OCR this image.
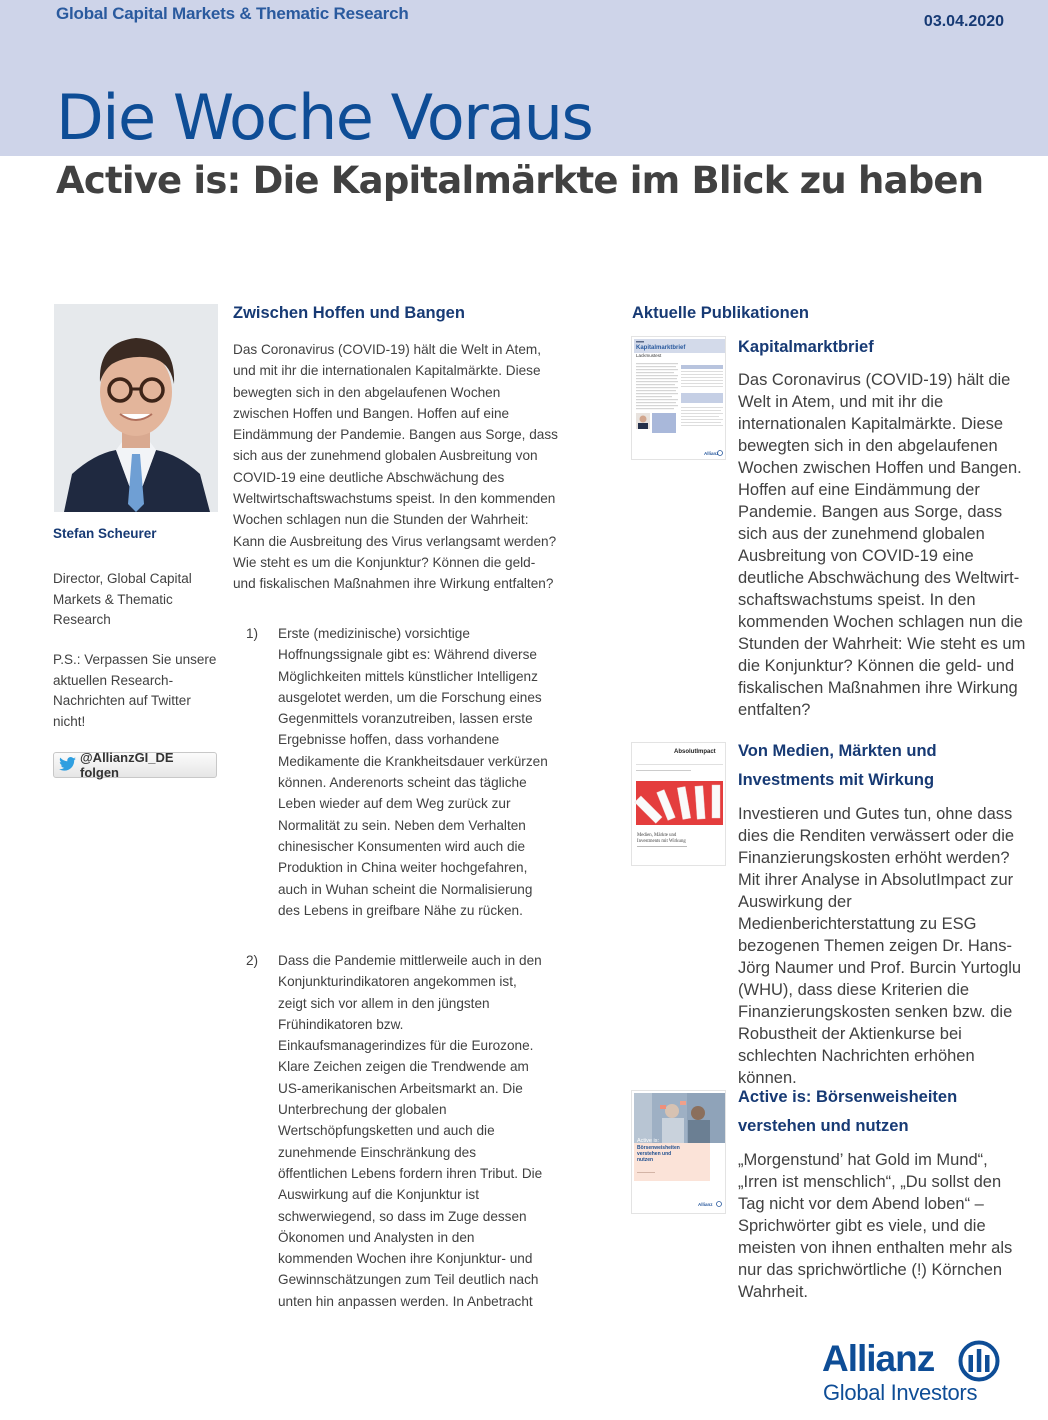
Global Capital Markets & Thematic Research	03.04.2020
Die Woche Voraus
Active is: Die Kapitalmärkte im Blick zu haben
Stefan Scheurer
Director, Global Capital Markets & Thematic Research
P.S.: Verpassen Sie unsere aktuellen Research-Nachrichten auf Twitter nicht!
@AllianzGI_DE folgen
Zwischen Hoffen und Bangen

Das Coronavirus (COVID-19) hält die Welt in Atem, und mit ihr die internationalen Kapitalmärkte. Diese bewegten sich in den abgelaufenen Wochen zwischen Hoffen und Bangen. Hoffen auf eine Eindämmung der Pandemie. Bangen aus Sorge, dass sich aus der zunehmend globalen Ausbreitung von COVID-19 eine deutliche Abschwächung des Weltwirtschaftswachstums speist. In den kommenden Wochen schlagen nun die Stunden der Wahrheit: Kann die Ausbreitung des Virus verlangsamt werden? Wie steht es um die Konjunktur? Können die geld- und fiskalischen Maßnahmen ihre Wirkung entfalten?

1)	Erste (medizinische) vorsichtige Hoffnungssignale gibt es: Während diverse Möglichkeiten mittels künstlicher Intelligenz ausgelotet werden, um die Forschung eines Gegenmittels voranzutreiben, lassen erste Ergebnisse hoffen, dass vorhandene Medikamente die Krankheitsdauer verkürzen können. Anderenorts scheint das tägliche Leben wieder auf dem Weg zurück zur Normalität zu sein. Neben dem Verhalten chinesischer Konsumenten wird auch die Produktion in China weiter hochgefahren, auch in Wuhan scheint die Normalisierung des Lebens in greifbare Nähe zu rücken.
2)	Dass die Pandemie mittlerweile auch in den Konjunkturindikatoren angekommen ist, zeigt sich vor allem in den jüngsten Frühindikatoren bzw. Einkaufsmanagerindizes für die Eurozone. Klare Zeichen zeigen die Trendwende am US-amerikanischen Arbeitsmarkt an. Die Unterbrechung der globalen Wertschöpfungsketten und auch die zunehmende Einschränkung des öffentlichen Lebens fordern ihren Tribut. Die Auswirkung auf die Konjunktur ist schwerwiegend, so dass im Zuge dessen Ökonomen und Analysten in den kommenden Wochen ihre Konjunktur- und Gewinnschätzungen zum Teil deutlich nach unten hin anpassen werden. In Anbetracht
Aktuelle Publikationen
Kapitalmarktbrief
Lackmustest
Allianz
Kapitalmarktbrief

Das Coronavirus (COVID-19) hält die Welt in Atem, und mit ihr die internationalen Kapitalmärkte. Diese bewegten sich in den abgelaufenen Wochen zwischen Hoffen und Bangen. Hoffen auf eine Eindämmung der Pandemie. Bangen aus Sorge, dass sich aus der zunehmend globalen Ausbreitung von COVID-19 eine deutliche Abschwächung des Weltwirtschaftswachstums speist. In den kommenden Wochen schlagen nun die Stunden der Wahrheit: Wie steht es um die Konjunktur? Können die geld- und fiskalischen Maßnahmen ihre Wirkung entfalten?

AbsolutImpact
Medien, Märkte und
Investments mit Wirkung
Von Medien, Märkten und Investments mit Wirkung

Investieren und Gutes tun, ohne dass dies die Renditen verwässert oder die Finanzierungskosten erhöht werden? Mit ihrer Analyse in AbsolutImpact zur Auswirkung der Medienberichterstattung zu ESG bezogenen Themen zeigen Dr. Hans-Jörg Naumer und Prof. Burcin Yurtoglu (WHU), dass diese Kriterien die Finanzierungskosten senken bzw. die Robustheit der Aktienkurse bei schlechten Nachrichten erhöhen können.

Active is:
Börsenweisheiten
verstehen und
nutzen
Allianz
Active is: Börsenweisheiten verstehen und nutzen

„Morgenstund’ hat Gold im Mund“, „Irren ist menschlich“, „Du sollst den Tag nicht vor dem Abend loben“ – Sprichwörter gibt es viele, und die meisten von ihnen enthalten mehr als nur das sprichwörtliche (!) Körnchen Wahrheit.

Allianz
Global Investors
